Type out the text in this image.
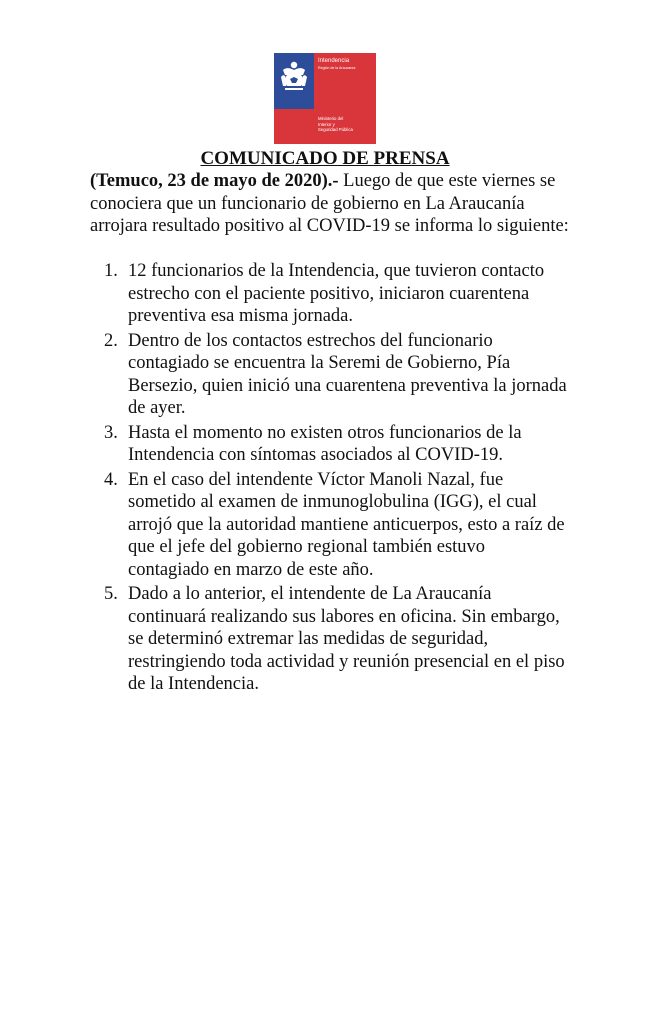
Intendencia
Región de la Araucanía
Ministerio del
Interior y
Seguridad Pública
COMUNICADO DE PRENSA

(Temuco, 23 de mayo de 2020).- Luego de que este viernes se conociera que un funcionario de gobierno en La Araucanía arrojara resultado positivo al COVID-19 se informa lo siguiente:

1. 12 funcionarios de la Intendencia, que tuvieron contacto estrecho con el paciente positivo, iniciaron cuarentena preventiva esa misma jornada.
2. Dentro de los contactos estrechos del funcionario contagiado se encuentra la Seremi de Gobierno, Pía Bersezio, quien inició una cuarentena preventiva la jornada de ayer.
3. Hasta el momento no existen otros funcionarios de la Intendencia con síntomas asociados al COVID-19.
4. En el caso del intendente Víctor Manoli Nazal, fue sometido al examen de inmunoglobulina (IGG), el cual arrojó que la autoridad mantiene anticuerpos, esto a raíz de que el jefe del gobierno regional también estuvo contagiado en marzo de este año.
5. Dado a lo anterior, el intendente de La Araucanía continuará realizando sus labores en oficina. Sin embargo, se determinó extremar las medidas de seguridad, restringiendo toda actividad y reunión presencial en el piso de la Intendencia.
